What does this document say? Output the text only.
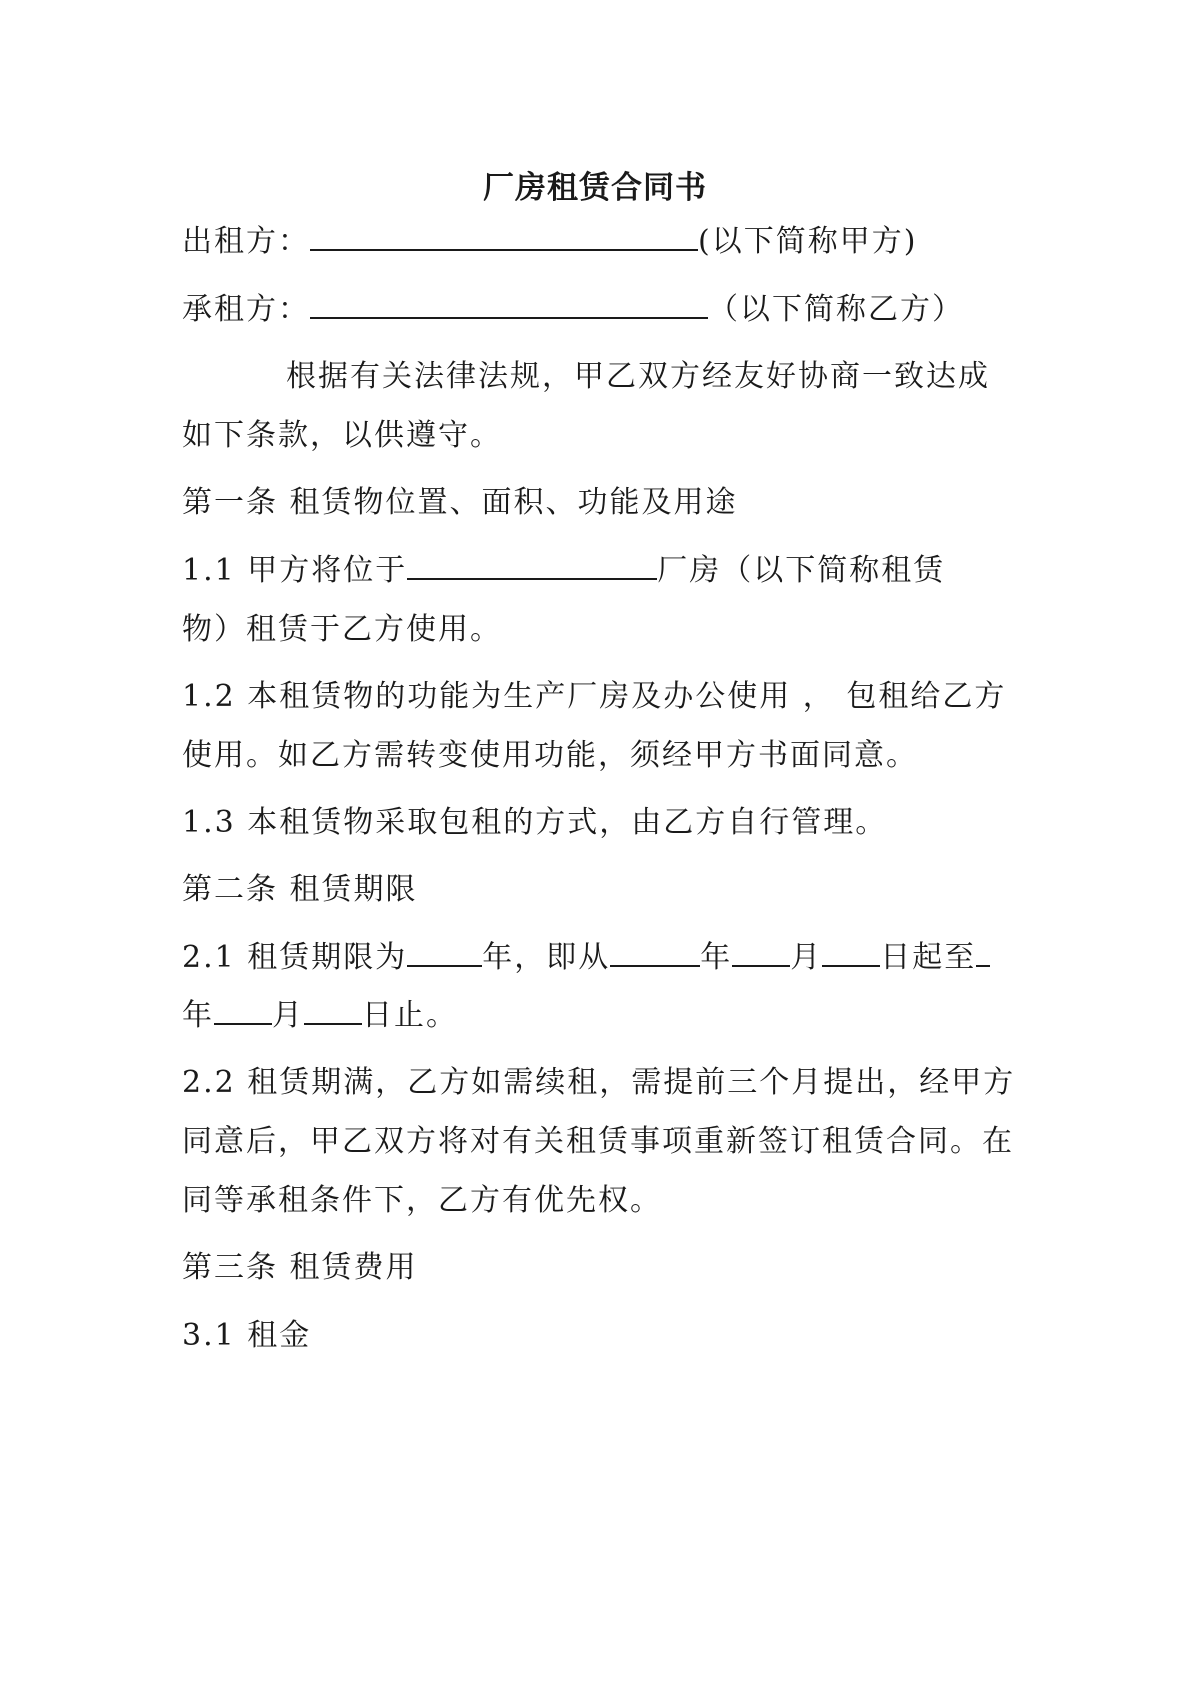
厂房租赁合同书
出租方：	(以下简称甲方)
承租方：	（以下简称乙方）
根据有关法律法规，甲乙双方经友好协商一致达成
如下条款，以供遵守。
第一条 租赁物位置、面积、功能及用途
1.1 甲方将位于	厂房（以下简称租赁
物）租赁于乙方使用。
1.2 本租赁物的功能为生产厂房及办公使用 ， 包租给乙方
使用。如乙方需转变使用功能，须经甲方书面同意。
1.3 本租赁物采取包租的方式，由乙方自行管理。
第二条 租赁期限
2.1 租赁期限为	年，即从	年 月 日起至
年 月 日止。
2.2 租赁期满，乙方如需续租，需提前三个月提出，经甲方
同意后，甲乙双方将对有关租赁事项重新签订租赁合同。在
同等承租条件下，乙方有优先权。
第三条 租赁费用
3.1 租金
